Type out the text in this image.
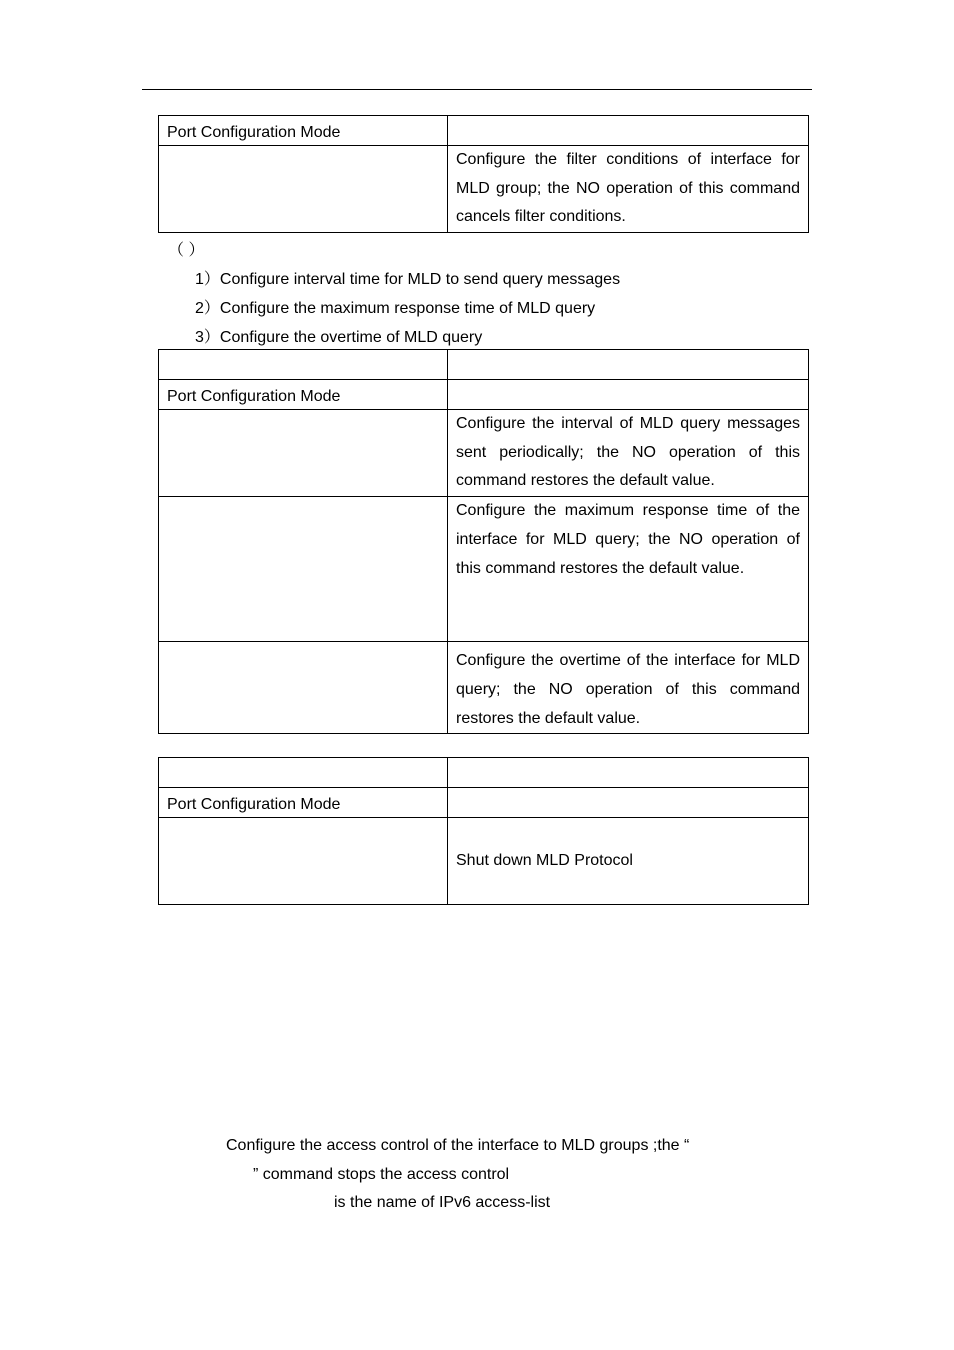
Port Configuration Mode	
	Configure the filter conditions of interface for MLD group; the NO operation of this command cancels filter conditions.
（ ）
1）Configure interval time for MLD to send query messages
2）Configure the maximum response time of MLD query
3）Configure the overtime of MLD query

Port Configuration Mode	
	Configure the interval of MLD query messages sent periodically; the NO operation of this command restores the default value.
	Configure the maximum response time of the interface for MLD query; the NO operation of this command restores the default value.
	Configure the overtime of the interface for MLD query; the NO operation of this command restores the default value.

Port Configuration Mode	
	Shut down MLD Protocol
Configure the access control of the interface to MLD groups ;the “
” command stops the access control
is the name of IPv6 access-list
